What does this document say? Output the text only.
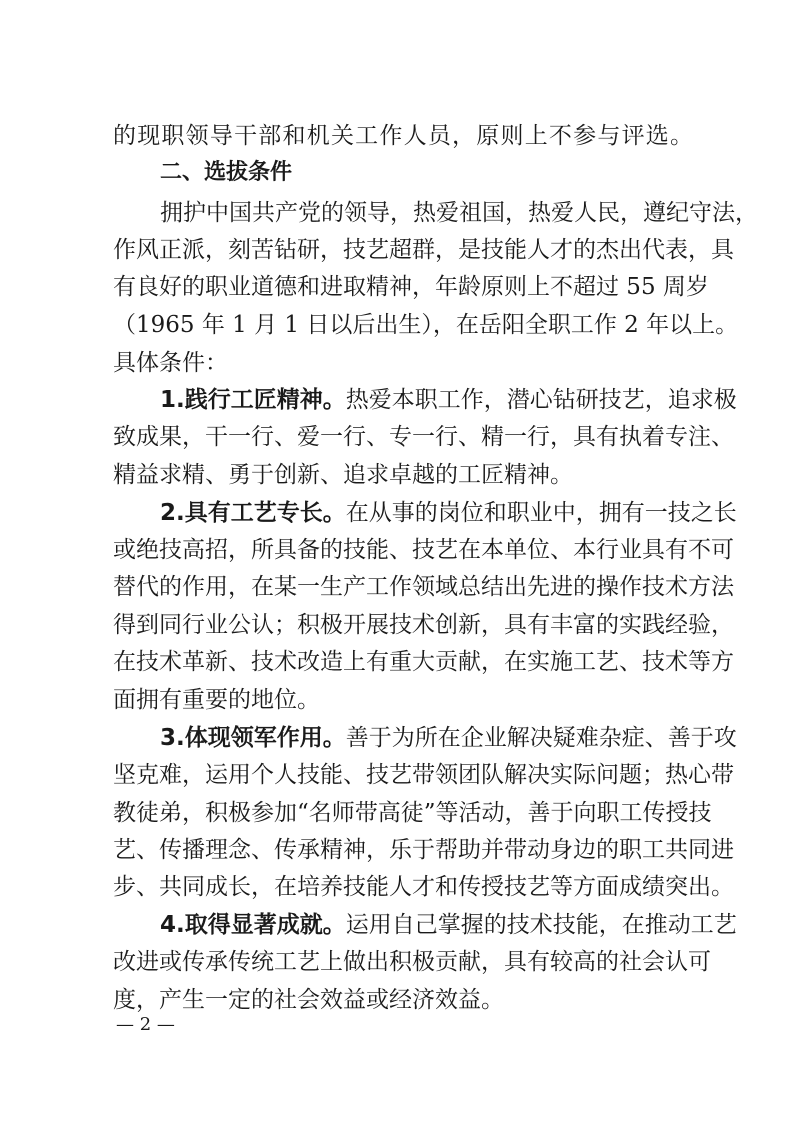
的现职领导干部和机关工作人员，原则上不参与评选。
二、选拔条件
拥护中国共产党的领导，热爱祖国，热爱人民，遵纪守法，
作风正派，刻苦钻研，技艺超群，是技能人才的杰出代表，具
有良好的职业道德和进取精神，年龄原则上不超过 55 周岁
（1965 年 1 月 1 日以后出生），在岳阳全职工作 2 年以上。
具体条件：
1.践行工匠精神。热爱本职工作，潜心钻研技艺，追求极
致成果，干一行、爱一行、专一行、精一行，具有执着专注、
精益求精、勇于创新、追求卓越的工匠精神。
2.具有工艺专长。在从事的岗位和职业中，拥有一技之长
或绝技高招，所具备的技能、技艺在本单位、本行业具有不可
替代的作用，在某一生产工作领域总结出先进的操作技术方法
得到同行业公认；积极开展技术创新，具有丰富的实践经验，
在技术革新、技术改造上有重大贡献，在实施工艺、技术等方
面拥有重要的地位。
3.体现领军作用。善于为所在企业解决疑难杂症、善于攻
坚克难，运用个人技能、技艺带领团队解决实际问题；热心带
教徒弟，积极参加“名师带高徒”等活动，善于向职工传授技
艺、传播理念、传承精神，乐于帮助并带动身边的职工共同进
步、共同成长，在培养技能人才和传授技艺等方面成绩突出。
4.取得显著成就。运用自己掌握的技术技能，在推动工艺
改进或传承传统工艺上做出积极贡献，具有较高的社会认可
度，产生一定的社会效益或经济效益。
— 2 —
